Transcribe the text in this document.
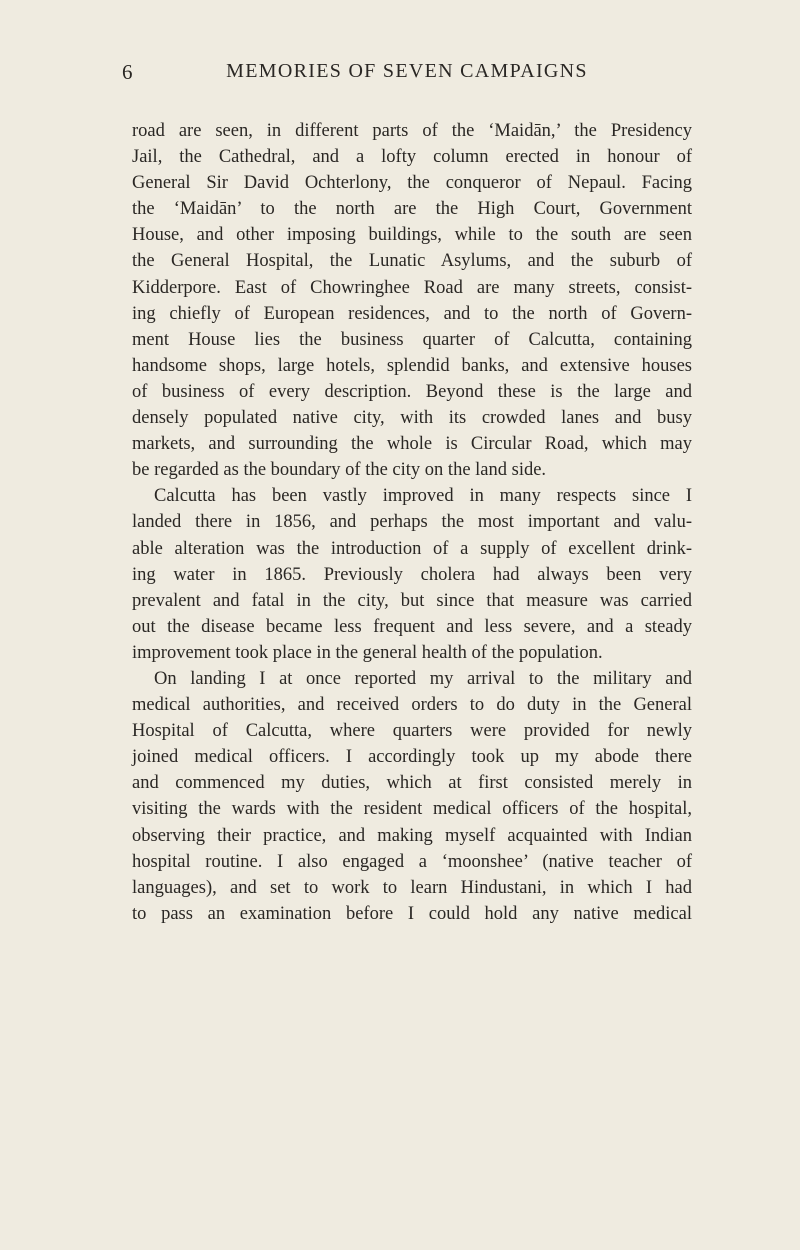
6	MEMORIES OF SEVEN CAMPAIGNS
road are seen, in different parts of the ‘Maidān,’ the Presidency
Jail, the Cathedral, and a lofty column erected in honour of
General Sir David Ochterlony, the conqueror of Nepaul. Facing
the ‘Maidān’ to the north are the High Court, Government
House, and other imposing buildings, while to the south are seen
the General Hospital, the Lunatic Asylums, and the suburb of
Kidderpore. East of Chowringhee Road are many streets, consist-
ing chiefly of European residences, and to the north of Govern-
ment House lies the business quarter of Calcutta, containing
handsome shops, large hotels, splendid banks, and extensive houses
of business of every description. Beyond these is the large and
densely populated native city, with its crowded lanes and busy
markets, and surrounding the whole is Circular Road, which may
be regarded as the boundary of the city on the land side.
Calcutta has been vastly improved in many respects since I
landed there in 1856, and perhaps the most important and valu-
able alteration was the introduction of a supply of excellent drink-
ing water in 1865. Previously cholera had always been very
prevalent and fatal in the city, but since that measure was carried
out the disease became less frequent and less severe, and a steady
improvement took place in the general health of the population.
On landing I at once reported my arrival to the military and
medical authorities, and received orders to do duty in the General
Hospital of Calcutta, where quarters were provided for newly
joined medical officers. I accordingly took up my abode there
and commenced my duties, which at first consisted merely in
visiting the wards with the resident medical officers of the hospital,
observing their practice, and making myself acquainted with Indian
hospital routine. I also engaged a ‘moonshee’ (native teacher of
languages), and set to work to learn Hindustani, in which I had
to pass an examination before I could hold any native medical
